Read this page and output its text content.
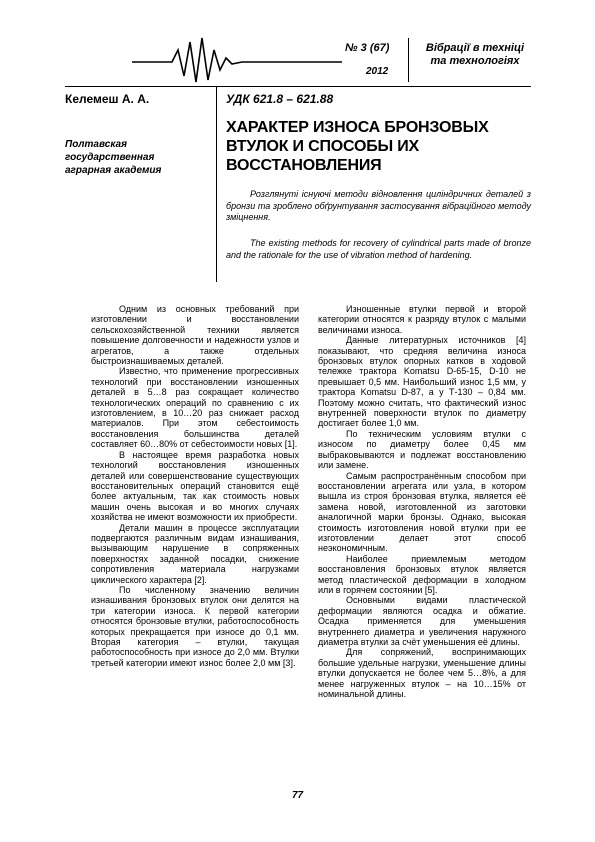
№ 3 (67)
2012
Вібрації в техніці
та технологіях
Келемеш А. А.
Полтавская государственная аграрная академия
УДК 621.8 – 621.88
ХАРАКТЕР ИЗНОСА БРОНЗОВЫХ ВТУЛОК И СПОСОБЫ ИХ ВОССТАНОВЛЕНИЯ
Розглянуті існуючі методи відновлення циліндричних деталей з бронзи та зроблено обґрунтування застосування вібраційного методу зміцнення.
The existing methods for recovery of cylindrical parts made of bronze and the rationale for the use of vibration method of hardening.

Одним из основных требований при изготовлении и восстановлении сельскохозяйственной техники является повышение долговечности и надежности узлов и агрегатов, а также отдельных быстроизнашиваемых деталей.

Известно, что применение прогрессивных технологий при восстановлении изношенных деталей в 5…8 раз сокращает количество технологических операций по сравнению с их изготовлением, в 10…20 раз снижает расход материалов. При этом себестоимость восстановления большинства деталей составляет 60…80% от себестоимости новых [1].

В настоящее время разработка новых технологий восстановления изношенных деталей или совершенствование существующих восстановительных операций становится ещё более актуальным, так как стоимость новых машин очень высокая и во многих случаях хозяйства не имеют возможности их приобрести.

Детали машин в процессе эксплуатации подвергаются различным видам изнашивания, вызывающим нарушение в сопряженных поверхностях заданной посадки, снижение сопротивления материала нагрузками циклического характера [2].

По численному значению величин изнашивания бронзовых втулок они делятся на три категории износа. К первой категории относятся бронзовые втулки, работоспособность которых прекращается при износе до 0,1 мм. Вторая категория – втулки, такущая работоспособность при износе до 2,0 мм. Втулки третьей категории имеют износ более 2,0 мм [3].

Изношенные втулки первой и второй категории относятся к разряду втулок с малыми величинами износа.

Данные литературных источников [4] показывают, что средняя величина износа бронзовых втулок опорных катков в ходовой тележке трактора Komatsu D-65-15, D-10 не превышает 0,5 мм. Наибольший износ 1,5 мм, у трактора Komatsu D-87, а у Т-130 – 0,84 мм. Поэтому можно считать, что фактический износ внутренней поверхности втулок по диаметру достигает более 1,0 мм.

По техническим условиям втулки с износом по диаметру более 0,45 мм выбраковываются и подлежат восстановлению или замене.

Самым распространённым способом при восстановлении агрегата или узла, в котором вышла из строя бронзовая втулка, является её замена новой, изготовленной из заготовки аналогичной марки бронзы. Однако, высокая стоимость изготовления новой втулки при ее изготовлении делает этот способ неэкономичным.

Наиболее приемлемым методом восстановления бронзовых втулок является метод пластической деформации в холодном или в горячем состоянии [5].

Основными видами пластической деформации являются осадка и обжатие. Осадка применяется для уменьшения внутреннего диаметра и увеличения наружного диаметра втулки за счёт уменьшения её длины.

Для сопряжений, воспринимающих большие удельные нагрузки, уменьшение длины втулки допускается не более чем 5…8%, а для менее нагруженных втулок – на 10…15% от номинальной длины.

77
